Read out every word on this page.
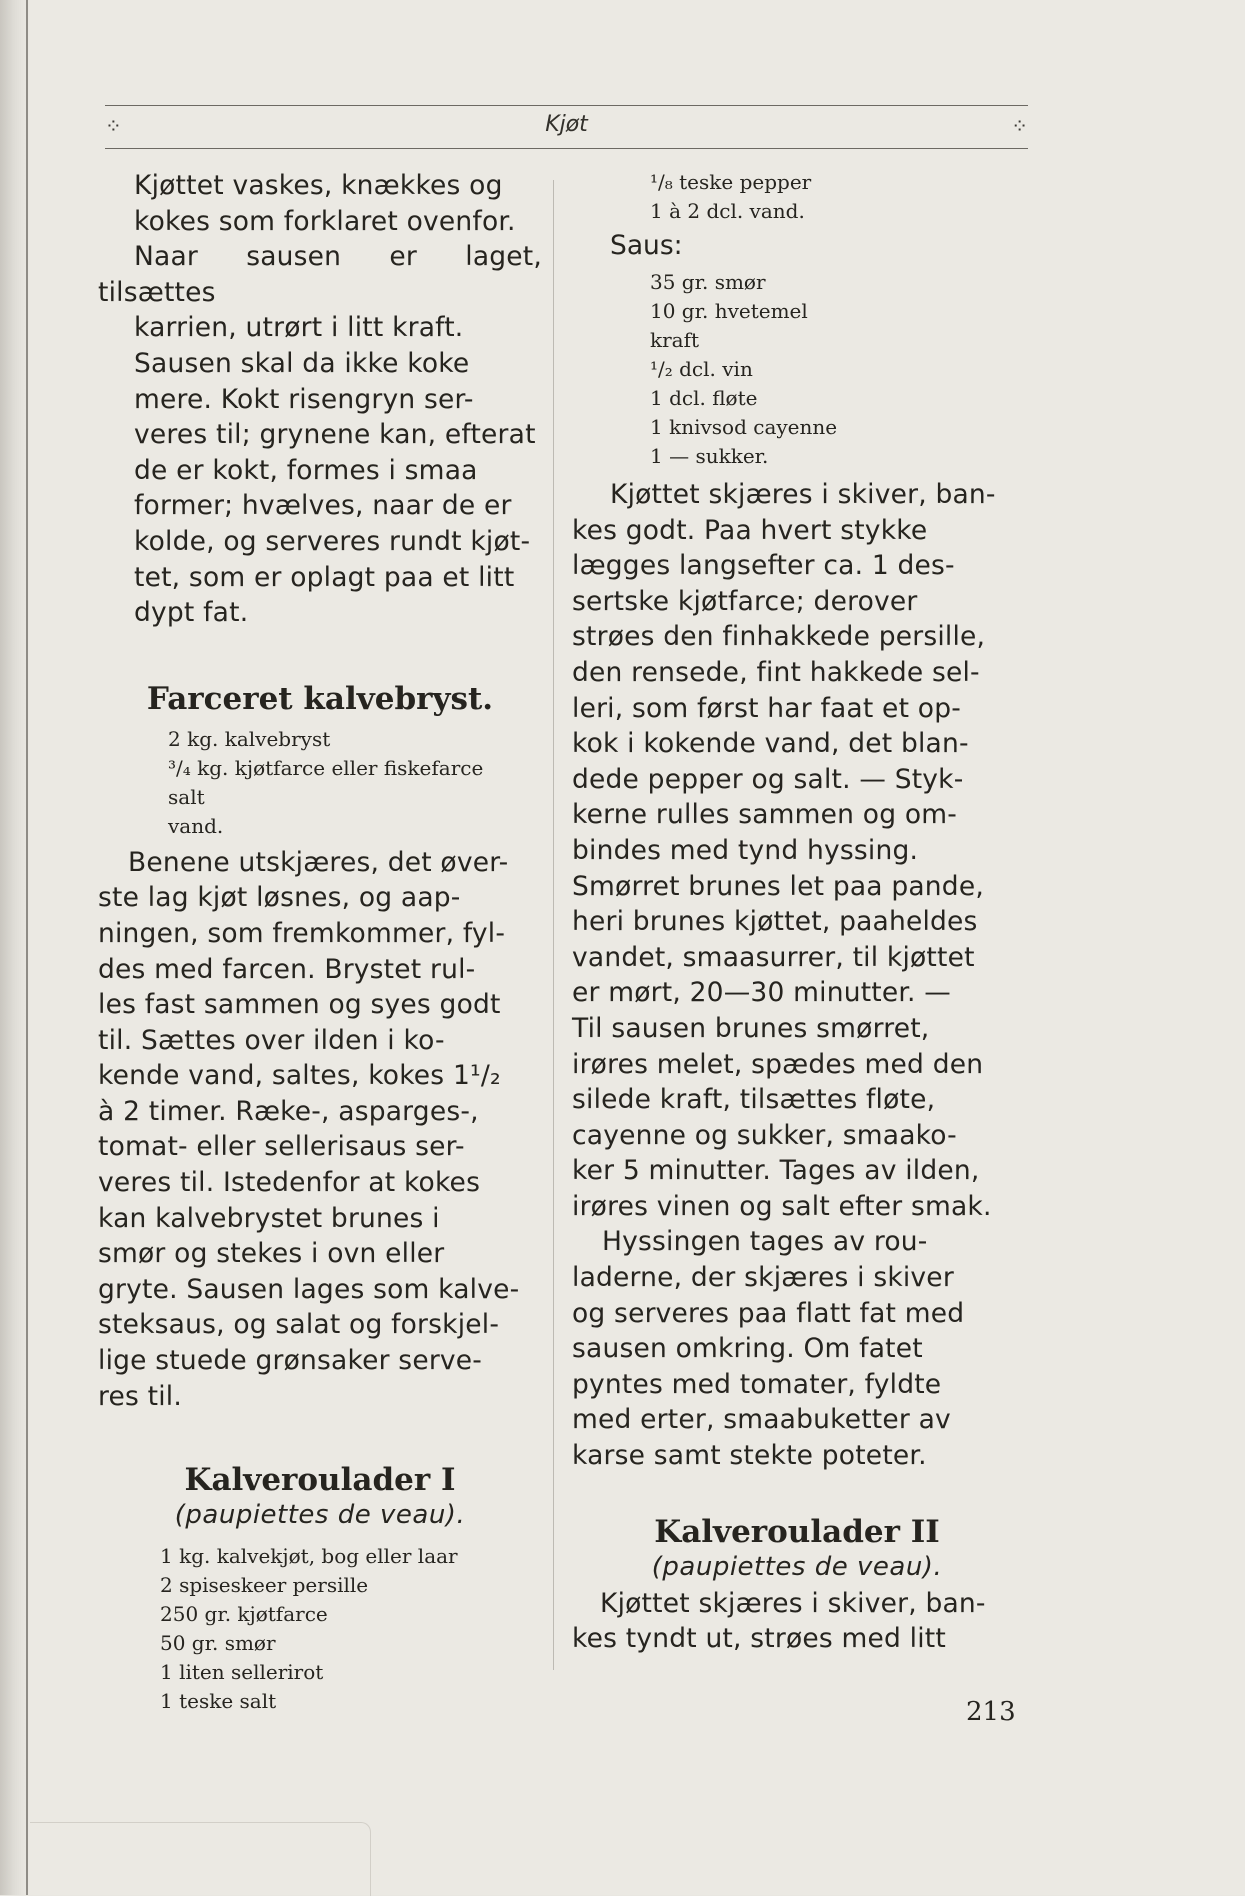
⁘	Kjøt	⁘
Kjøttet vaskes, knækkes og
kokes som forklaret ovenfor.
Naar sausen er laget, tilsættes
karrien, utrørt i litt kraft.
Sausen skal da ikke koke
mere. Kokt risengryn ser-
veres til; grynene kan, efterat
de er kokt, formes i smaa
former; hvælves, naar de er
kolde, og serveres rundt kjøt-
tet, som er oplagt paa et litt
dypt fat.
Farceret kalvebryst.
2 kg. kalvebryst
³/₄ kg. kjøtfarce eller fiskefarce
salt
vand.
Benene utskjæres, det øver-
ste lag kjøt løsnes, og aap-
ningen, som fremkommer, fyl-
des med farcen. Brystet rul-
les fast sammen og syes godt
til. Sættes over ilden i ko-
kende vand, saltes, kokes 1¹/₂
à 2 timer. Ræke-, asparges-,
tomat- eller sellerisaus ser-
veres til. Istedenfor at kokes
kan kalvebrystet brunes i
smør og stekes i ovn eller
gryte. Sausen lages som kalve-
steksaus, og salat og forskjel-
lige stuede grønsaker serve-
res til.
Kalveroulader I

(paupiettes de veau).

1 kg. kalvekjøt, bog eller laar
2 spiseskeer persille
250 gr. kjøtfarce
50 gr. smør
1 liten sellerirot
1 teske salt
¹/₈ teske pepper
1 à 2 dcl. vand.

Saus:

35 gr. smør
10 gr. hvetemel
kraft
¹/₂ dcl. vin
1 dcl. fløte
1 knivsod cayenne
1 — sukker.
Kjøttet skjæres i skiver, ban-
kes godt. Paa hvert stykke
lægges langsefter ca. 1 des-
sertske kjøtfarce; derover
strøes den finhakkede persille,
den rensede, fint hakkede sel-
leri, som først har faat et op-
kok i kokende vand, det blan-
dede pepper og salt. — Styk-
kerne rulles sammen og om-
bindes med tynd hyssing.
Smørret brunes let paa pande,
heri brunes kjøttet, paaheldes
vandet, smaasurrer, til kjøttet
er mørt, 20—30 minutter. —
Til sausen brunes smørret,
irøres melet, spædes med den
silede kraft, tilsættes fløte,
cayenne og sukker, smaako-
ker 5 minutter. Tages av ilden,
irøres vinen og salt efter smak.
Hyssingen tages av rou-
laderne, der skjæres i skiver
og serveres paa flatt fat med
sausen omkring. Om fatet
pyntes med tomater, fyldte
med erter, smaabuketter av
karse samt stekte poteter.
Kalveroulader II

(paupiettes de veau).

Kjøttet skjæres i skiver, ban-
kes tyndt ut, strøes med litt
213
